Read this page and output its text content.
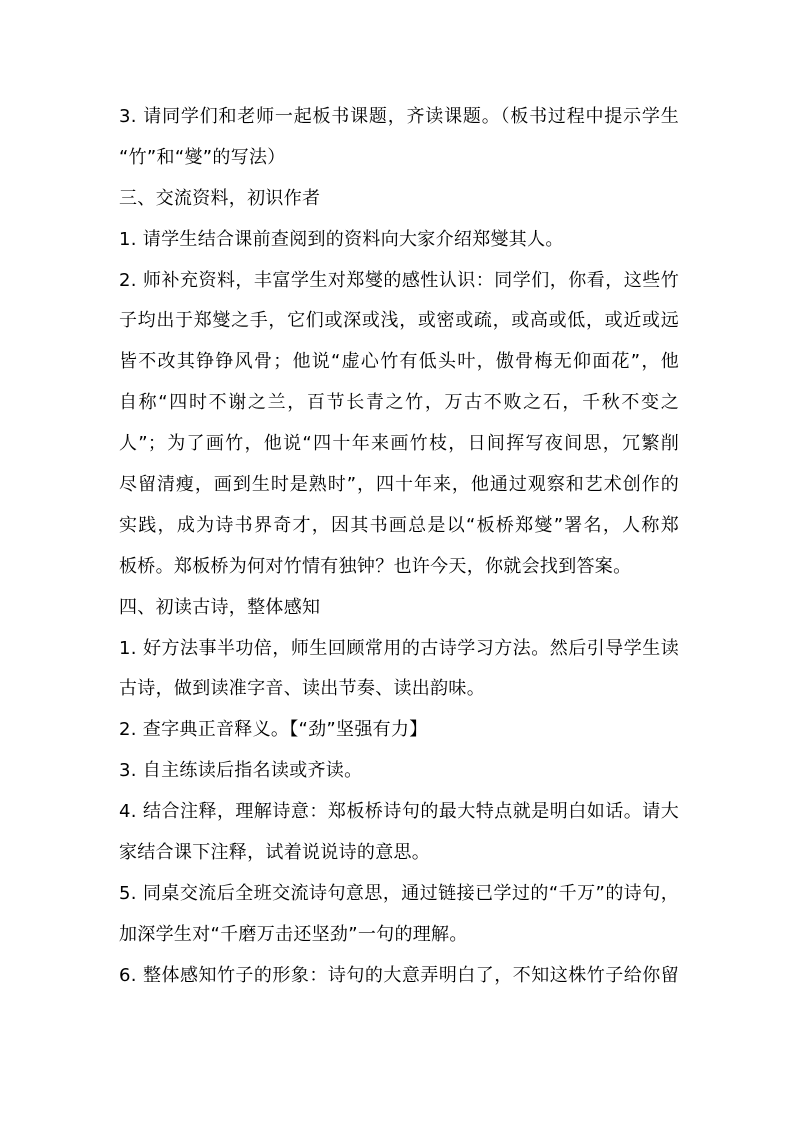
3. 请同学们和老师一起板书课题，齐读课题。（板书过程中提示学生
“竹”和“燮”的写法）
三、交流资料，初识作者
1. 请学生结合课前查阅到的资料向大家介绍郑燮其人。
2. 师补充资料，丰富学生对郑燮的感性认识：同学们，你看，这些竹
子均出于郑燮之手，它们或深或浅，或密或疏，或高或低，或近或远
皆不改其铮铮风骨；他说“虚心竹有低头叶，傲骨梅无仰面花”，他
自称“四时不谢之兰，百节长青之竹，万古不败之石，千秋不变之
人”；为了画竹，他说“四十年来画竹枝，日间挥写夜间思，冗繁削
尽留清瘦，画到生时是熟时”，四十年来，他通过观察和艺术创作的
实践，成为诗书界奇才，因其书画总是以“板桥郑燮”署名，人称郑
板桥。郑板桥为何对竹情有独钟？也许今天，你就会找到答案。
四、初读古诗，整体感知
1. 好方法事半功倍，师生回顾常用的古诗学习方法。然后引导学生读
古诗，做到读准字音、读出节奏、读出韵味。
2. 查字典正音释义。【“劲”坚强有力】
3. 自主练读后指名读或齐读。
4. 结合注释，理解诗意：郑板桥诗句的最大特点就是明白如话。请大
家结合课下注释，试着说说诗的意思。
5. 同桌交流后全班交流诗句意思，通过链接已学过的“千万”的诗句，
加深学生对“千磨万击还坚劲”一句的理解。
6. 整体感知竹子的形象：诗句的大意弄明白了，不知这株竹子给你留
